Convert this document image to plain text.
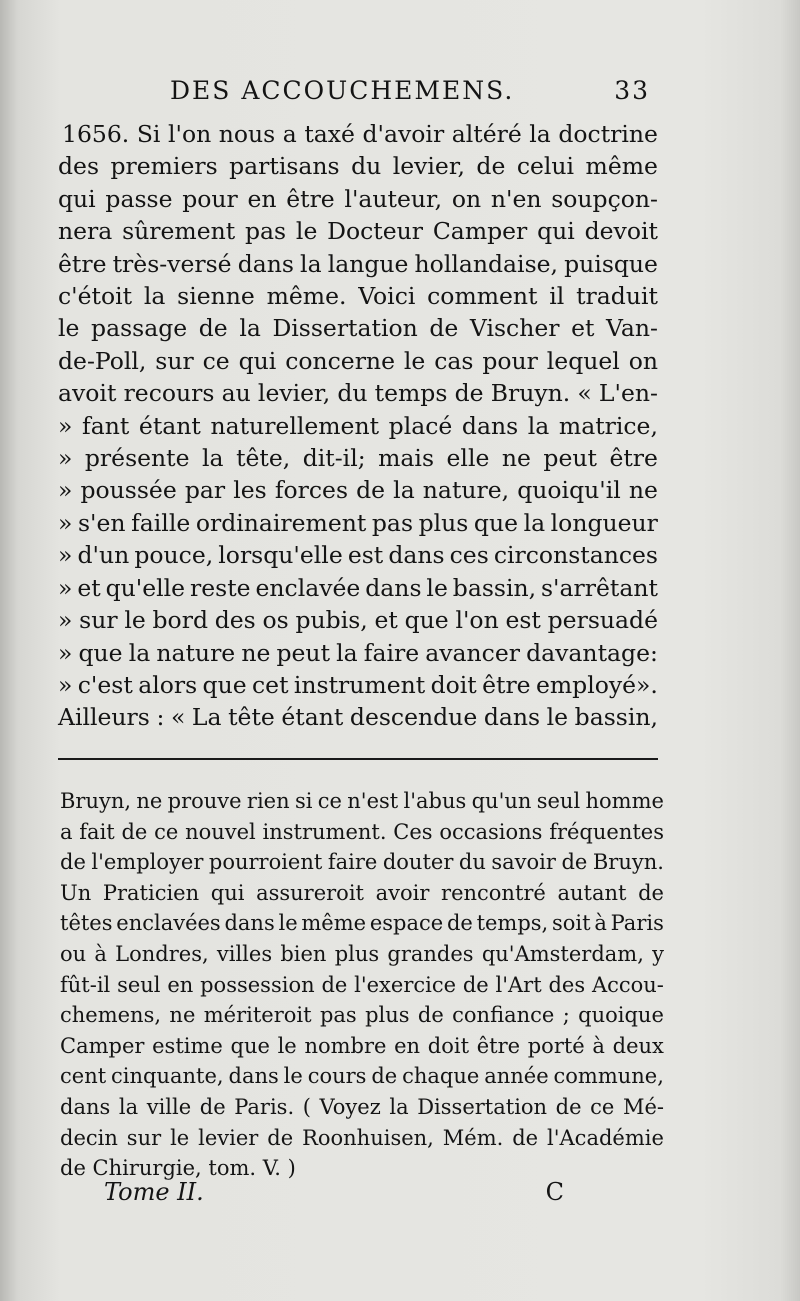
DES ACCOUCHEMENS.	33
1656. Si l'on nous a taxé d'avoir altéré la doctrine
des premiers partisans du levier, de celui même
qui passe pour en être l'auteur, on n'en soupçon-
nera sûrement pas le Docteur Camper qui devoit
être très-versé dans la langue hollandaise, puisque
c'étoit la sienne même. Voici comment il traduit
le passage de la Dissertation de Vischer et Van-
de-Poll, sur ce qui concerne le cas pour lequel on
avoit recours au levier, du temps de Bruyn. « L'en-
» fant étant naturellement placé dans la matrice,
» présente la tête, dit-il; mais elle ne peut être
» poussée par les forces de la nature, quoiqu'il ne
» s'en faille ordinairement pas plus que la longueur
» d'un pouce, lorsqu'elle est dans ces circonstances
» et qu'elle reste enclavée dans le bassin, s'arrêtant
» sur le bord des os pubis, et que l'on est persuadé
» que la nature ne peut la faire avancer davantage:
» c'est alors que cet instrument doit être employé».
Ailleurs : « La tête étant descendue dans le bassin,
Bruyn, ne prouve rien si ce n'est l'abus qu'un seul homme
a fait de ce nouvel instrument. Ces occasions fréquentes
de l'employer pourroient faire douter du savoir de Bruyn.
Un Praticien qui assureroit avoir rencontré autant de
têtes enclavées dans le même espace de temps, soit à Paris
ou à Londres, villes bien plus grandes qu'Amsterdam, y
fût-il seul en possession de l'exercice de l'Art des Accou-
chemens, ne mériteroit pas plus de confiance ; quoique
Camper estime que le nombre en doit être porté à deux
cent cinquante, dans le cours de chaque année commune,
dans la ville de Paris. ( Voyez la Dissertation de ce Mé-
decin sur le levier de Roonhuisen, Mém. de l'Académie
de Chirurgie, tom. V. )
Tome II.	C
